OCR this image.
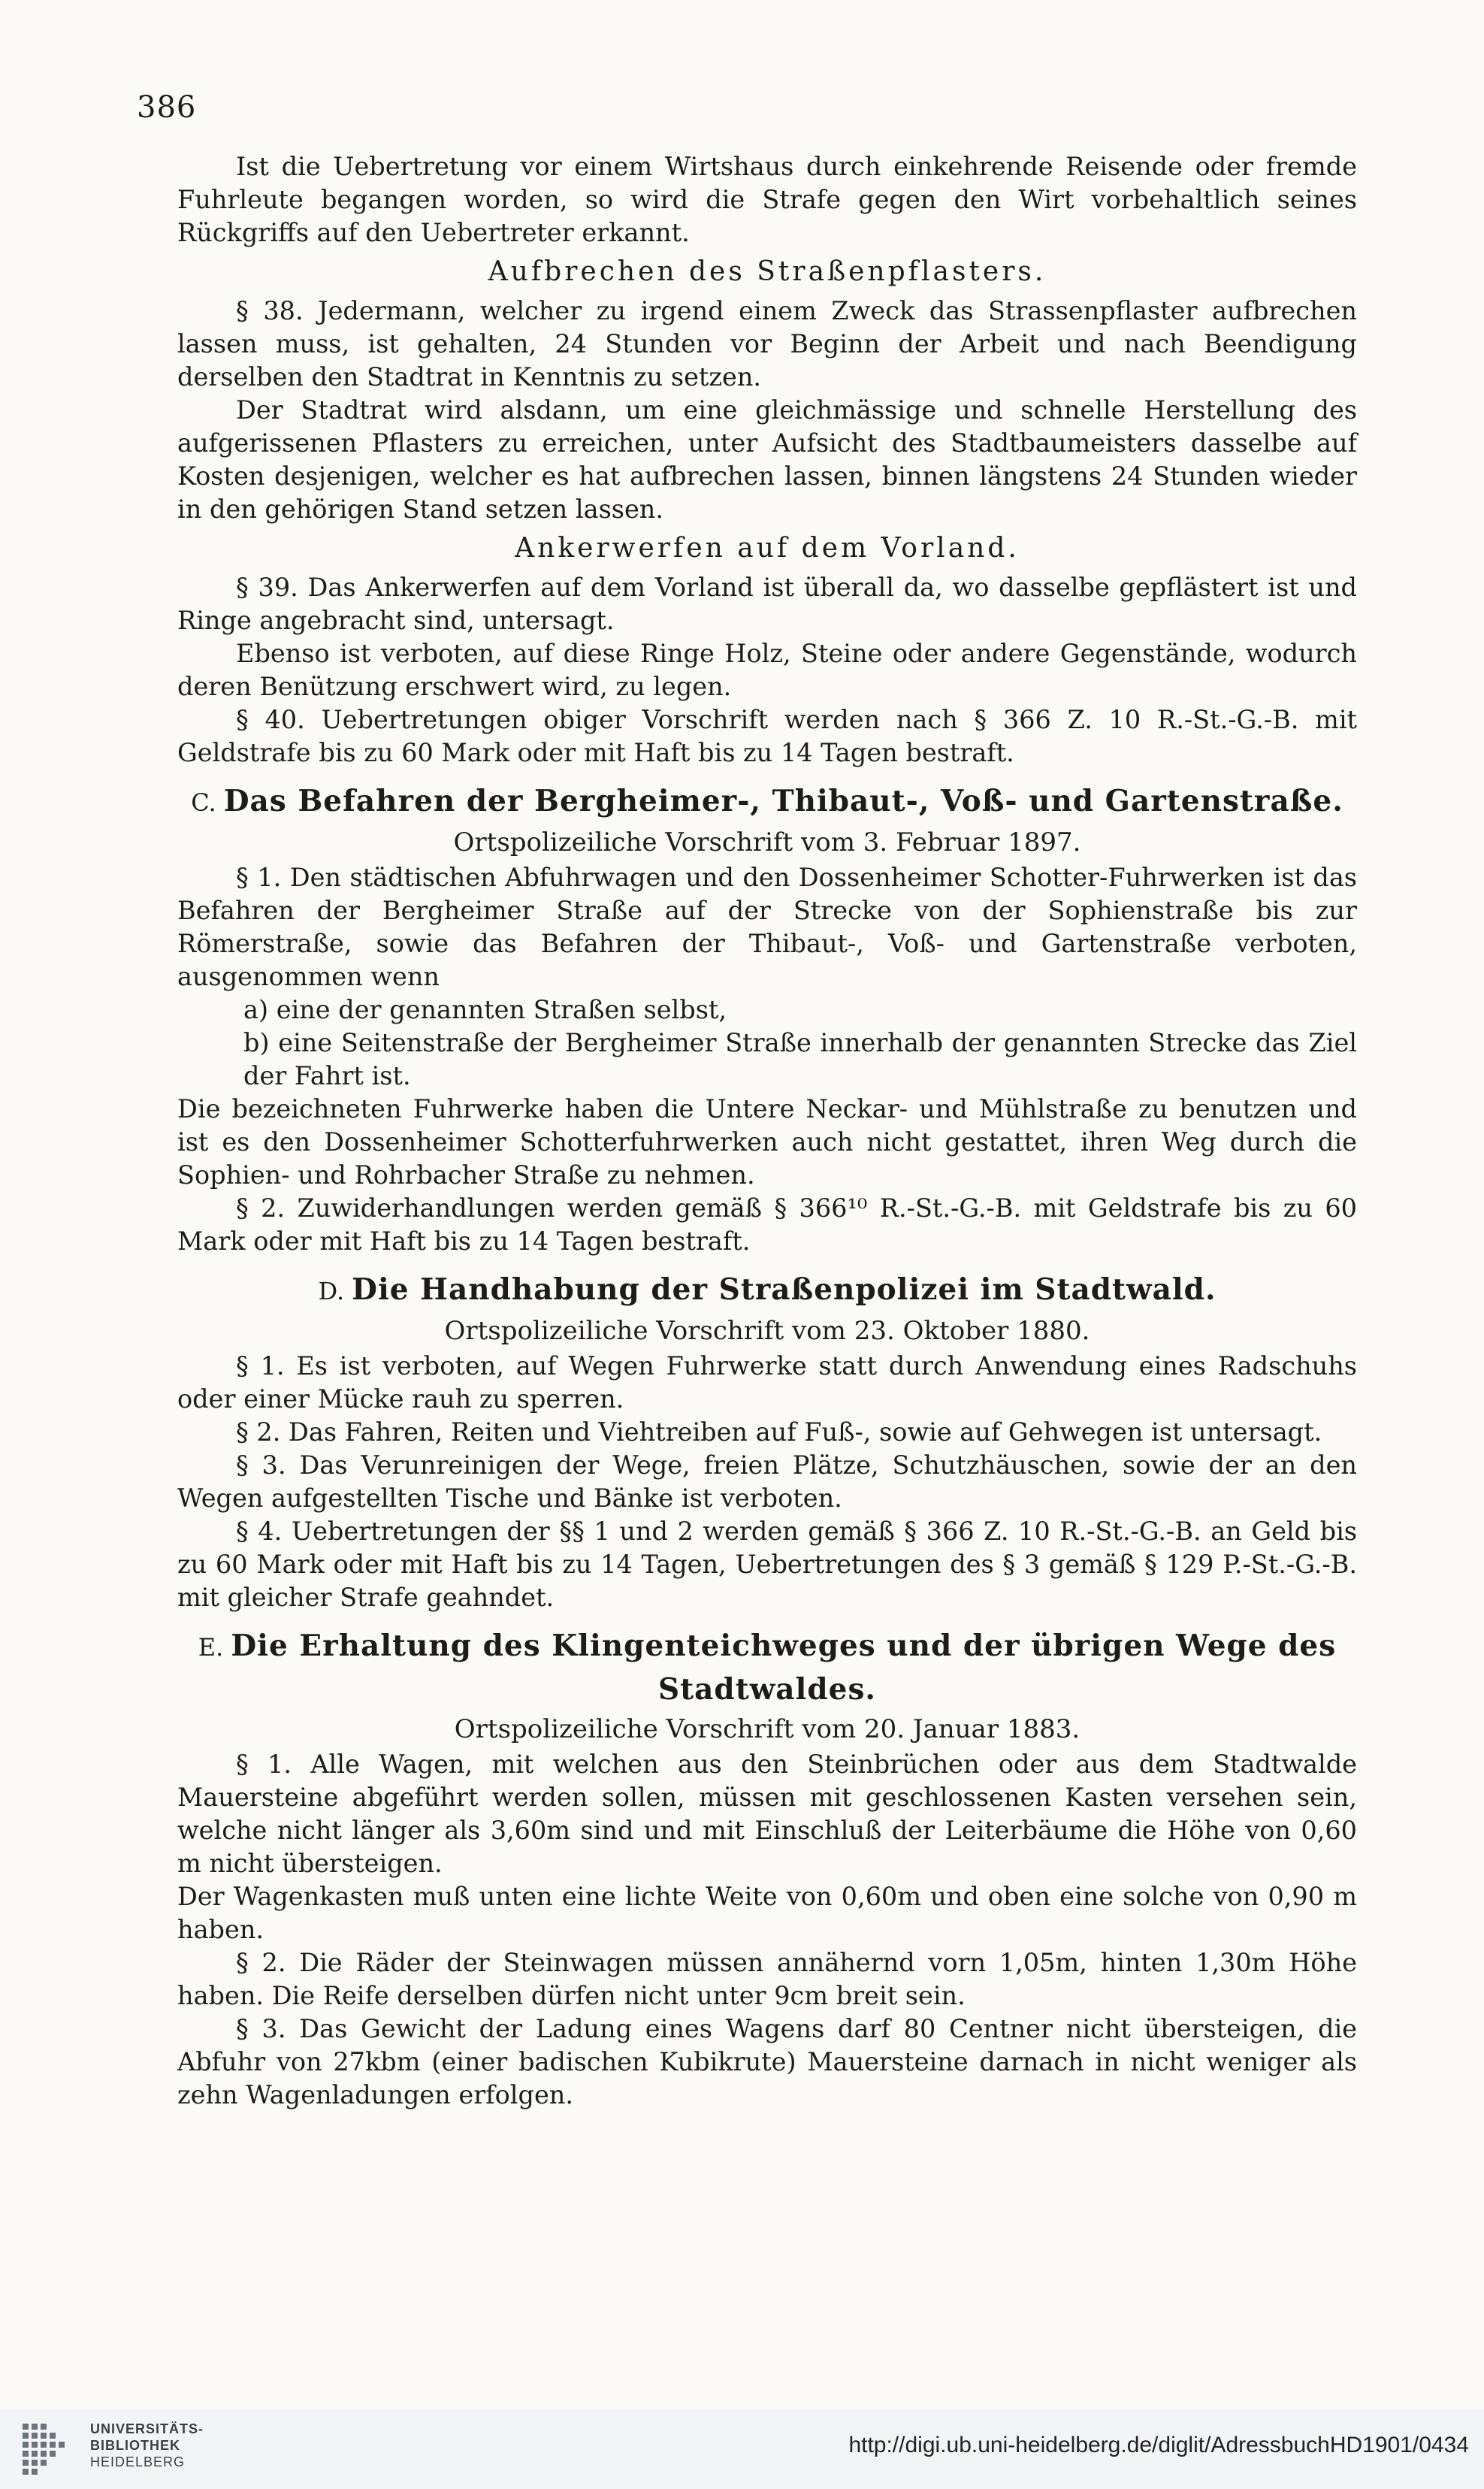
386

Ist die Uebertretung vor einem Wirtshaus durch einkehrende Reisende oder fremde Fuhrleute begangen worden, so wird die Strafe gegen den Wirt vorbehaltlich seines Rückgriffs auf den Uebertreter erkannt.

Aufbrechen des Straßenpflasters.

§ 38. Jedermann, welcher zu irgend einem Zweck das Strassenpflaster aufbrechen lassen muss, ist gehalten, 24 Stunden vor Beginn der Arbeit und nach Beendigung derselben den Stadtrat in Kenntnis zu setzen.

Der Stadtrat wird alsdann, um eine gleichmässige und schnelle Herstellung des aufgerissenen Pflasters zu erreichen, unter Aufsicht des Stadtbaumeisters dasselbe auf Kosten desjenigen, welcher es hat aufbrechen lassen, binnen längstens 24 Stunden wieder in den gehörigen Stand setzen lassen.

Ankerwerfen auf dem Vorland.

§ 39. Das Ankerwerfen auf dem Vorland ist überall da, wo dasselbe gepflästert ist und Ringe angebracht sind, untersagt.

Ebenso ist verboten, auf diese Ringe Holz, Steine oder andere Gegenstände, wodurch deren Benützung erschwert wird, zu legen.

§ 40. Uebertretungen obiger Vorschrift werden nach § 366 Z. 10 R.-St.-G.-B. mit Geldstrafe bis zu 60 Mark oder mit Haft bis zu 14 Tagen bestraft.

C. Das Befahren der Bergheimer-, Thibaut-, Voß- und Gartenstraße.
Ortspolizeiliche Vorschrift vom 3. Februar 1897.

§ 1. Den städtischen Abfuhrwagen und den Dossenheimer Schotter-Fuhrwerken ist das Befahren der Bergheimer Straße auf der Strecke von der Sophienstraße bis zur Römerstraße, sowie das Befahren der Thibaut-, Voß- und Gartenstraße verboten, ausgenommen wenn

a) eine der genannten Straßen selbst,
b) eine Seitenstraße der Bergheimer Straße innerhalb der genannten Strecke das Ziel der Fahrt ist.

Die bezeichneten Fuhrwerke haben die Untere Neckar- und Mühlstraße zu benutzen und ist es den Dossenheimer Schotterfuhrwerken auch nicht gestattet, ihren Weg durch die Sophien- und Rohrbacher Straße zu nehmen.

§ 2. Zuwiderhandlungen werden gemäß § 366¹⁰ R.-St.-G.-B. mit Geldstrafe bis zu 60 Mark oder mit Haft bis zu 14 Tagen bestraft.

D. Die Handhabung der Straßenpolizei im Stadtwald.
Ortspolizeiliche Vorschrift vom 23. Oktober 1880.

§ 1. Es ist verboten, auf Wegen Fuhrwerke statt durch Anwendung eines Radschuhs oder einer Mücke rauh zu sperren.

§ 2. Das Fahren, Reiten und Viehtreiben auf Fuß-, sowie auf Gehwegen ist untersagt.

§ 3. Das Verunreinigen der Wege, freien Plätze, Schutzhäuschen, sowie der an den Wegen aufgestellten Tische und Bänke ist verboten.

§ 4. Uebertretungen der §§ 1 und 2 werden gemäß § 366 Z. 10 R.-St.-G.-B. an Geld bis zu 60 Mark oder mit Haft bis zu 14 Tagen, Uebertretungen des § 3 gemäß § 129 P.-St.-G.-B. mit gleicher Strafe geahndet.

E. Die Erhaltung des Klingenteichweges und der übrigen Wege des Stadtwaldes.
Ortspolizeiliche Vorschrift vom 20. Januar 1883.

§ 1. Alle Wagen, mit welchen aus den Steinbrüchen oder aus dem Stadtwalde Mauersteine abgeführt werden sollen, müssen mit geschlossenen Kasten versehen sein, welche nicht länger als 3,60m sind und mit Einschluß der Leiterbäume die Höhe von 0,60 m nicht übersteigen.

Der Wagenkasten muß unten eine lichte Weite von 0,60m und oben eine solche von 0,90 m haben.

§ 2. Die Räder der Steinwagen müssen annähernd vorn 1,05m, hinten 1,30m Höhe haben. Die Reife derselben dürfen nicht unter 9cm breit sein.

§ 3. Das Gewicht der Ladung eines Wagens darf 80 Centner nicht übersteigen, die Abfuhr von 27kbm (einer badischen Kubikrute) Mauersteine darnach in nicht weniger als zehn Wagenladungen erfolgen.

UNIVERSITÄTS-
BIBLIOTHEK
HEIDELBERG
http://digi.ub.uni-heidelberg.de/diglit/AdressbuchHD1901/0434
